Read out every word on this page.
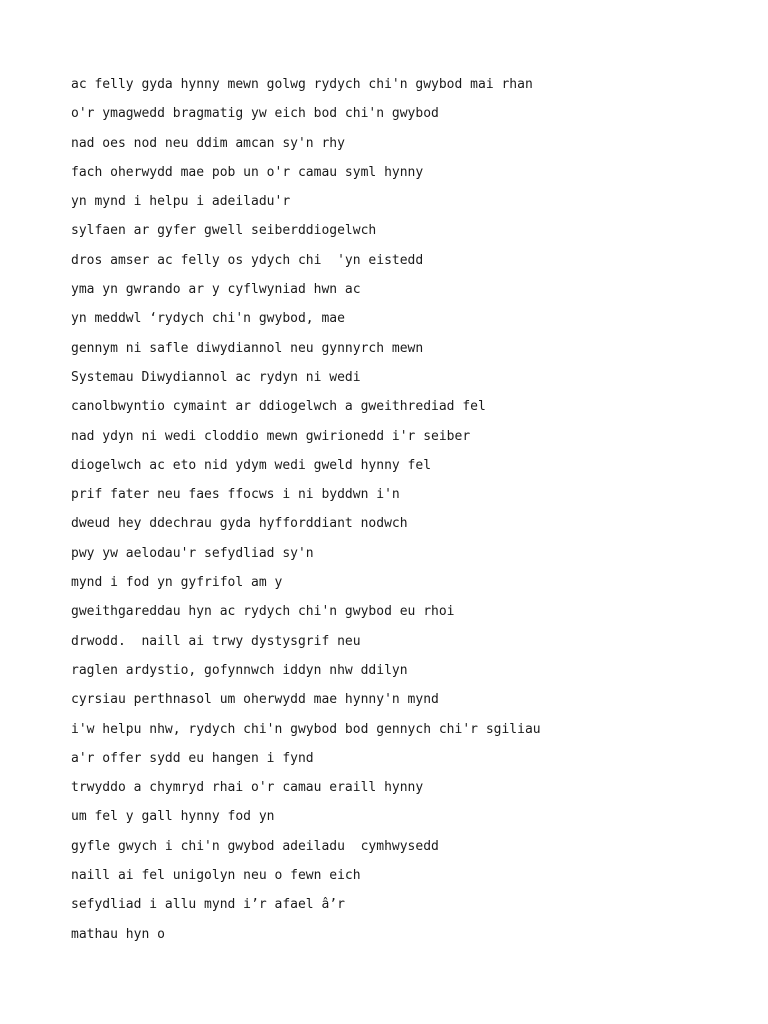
ac felly gyda hynny mewn golwg rydych chi'n gwybod mai rhan
o'r ymagwedd bragmatig yw eich bod chi'n gwybod
nad oes nod neu ddim amcan sy'n rhy
fach oherwydd mae pob un o'r camau syml hynny
yn mynd i helpu i adeiladu'r
sylfaen ar gyfer gwell seiberddiogelwch
dros amser ac felly os ydych chi  'yn eistedd
yma yn gwrando ar y cyflwyniad hwn ac
yn meddwl ‘rydych chi'n gwybod, mae
gennym ni safle diwydiannol neu gynnyrch mewn
Systemau Diwydiannol ac rydyn ni wedi
canolbwyntio cymaint ar ddiogelwch a gweithrediad fel
nad ydyn ni wedi cloddio mewn gwirionedd i'r seiber
diogelwch ac eto nid ydym wedi gweld hynny fel
prif fater neu faes ffocws i ni byddwn i'n
dweud hey ddechrau gyda hyfforddiant nodwch
pwy yw aelodau'r sefydliad sy'n
mynd i fod yn gyfrifol am y
gweithgareddau hyn ac rydych chi'n gwybod eu rhoi
drwodd.  naill ai trwy dystysgrif neu
raglen ardystio, gofynnwch iddyn nhw ddilyn
cyrsiau perthnasol um oherwydd mae hynny'n mynd
i'w helpu nhw, rydych chi'n gwybod bod gennych chi'r sgiliau
a'r offer sydd eu hangen i fynd
trwyddo a chymryd rhai o'r camau eraill hynny
um fel y gall hynny fod yn
gyfle gwych i chi'n gwybod adeiladu  cymhwysedd
naill ai fel unigolyn neu o fewn eich
sefydliad i allu mynd i’r afael â’r
mathau hyn o
